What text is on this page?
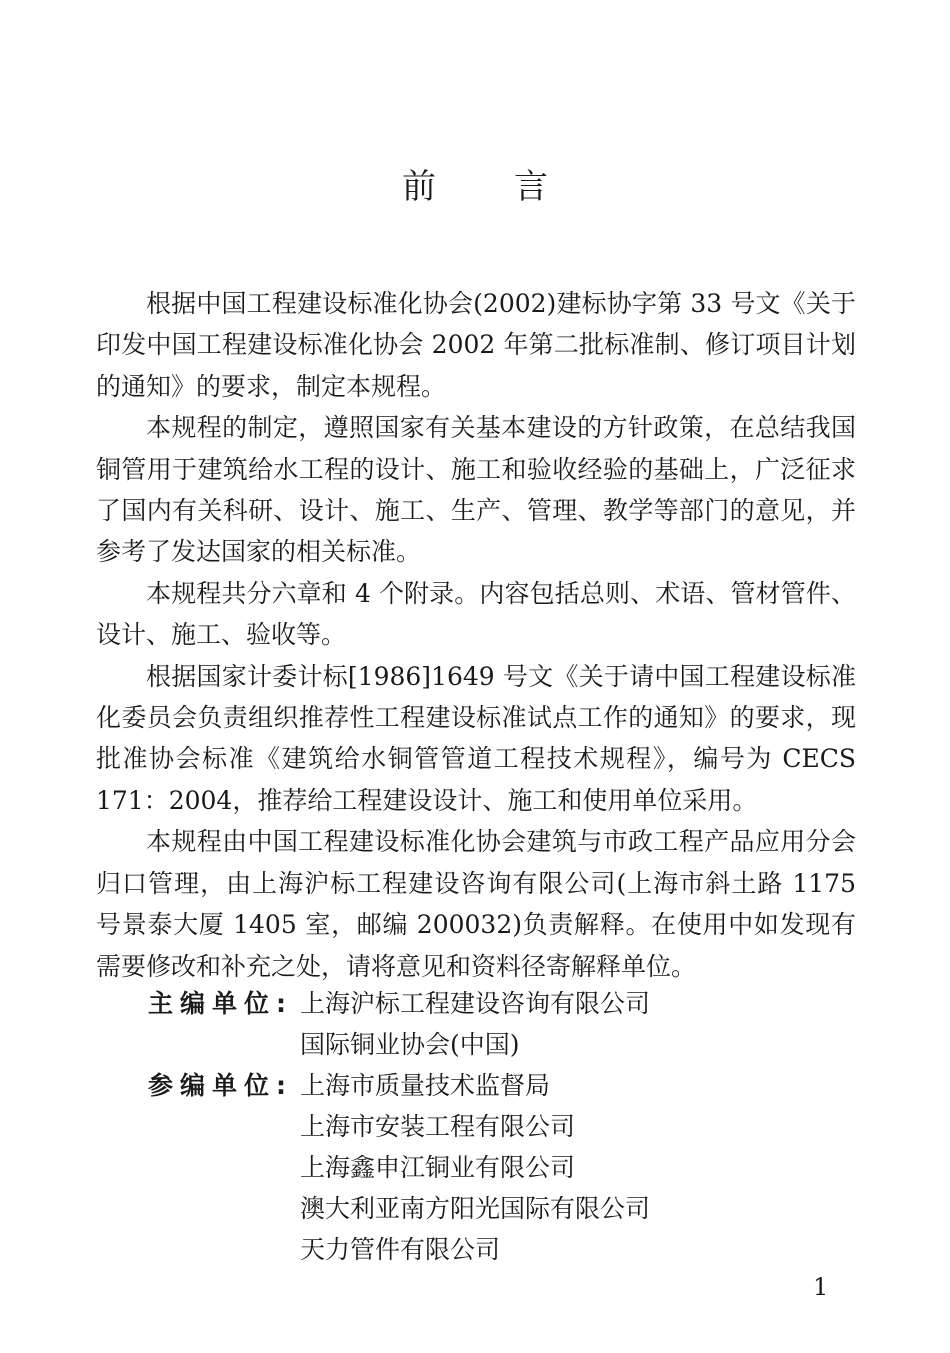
前言

根据中国工程建设标准化协会(2002)建标协字第 33 号文《关于印发中国工程建设标准化协会 2002 年第二批标准制、修订项目计划的通知》的要求，制定本规程。

本规程的制定，遵照国家有关基本建设的方针政策，在总结我国铜管用于建筑给水工程的设计、施工和验收经验的基础上，广泛征求了国内有关科研、设计、施工、生产、管理、教学等部门的意见，并参考了发达国家的相关标准。

本规程共分六章和 4 个附录。内容包括总则、术语、管材管件、设计、施工、验收等。

根据国家计委计标[1986]1649 号文《关于请中国工程建设标准化委员会负责组织推荐性工程建设标准试点工作的通知》的要求，现批准协会标准《建筑给水铜管管道工程技术规程》，编号为 CECS 171：2004，推荐给工程建设设计、施工和使用单位采用。

本规程由中国工程建设标准化协会建筑与市政工程产品应用分会归口管理，由上海沪标工程建设咨询有限公司(上海市斜土路 1175 号景泰大厦 1405 室，邮编 200032)负责解释。在使用中如发现有需要修改和补充之处，请将意见和资料径寄解释单位。

主编单位: 上海沪标工程建设咨询有限公司
国际铜业协会(中国)
参编单位: 上海市质量技术监督局
上海市安装工程有限公司
上海鑫申江铜业有限公司
澳大利亚南方阳光国际有限公司
天力管件有限公司
1
